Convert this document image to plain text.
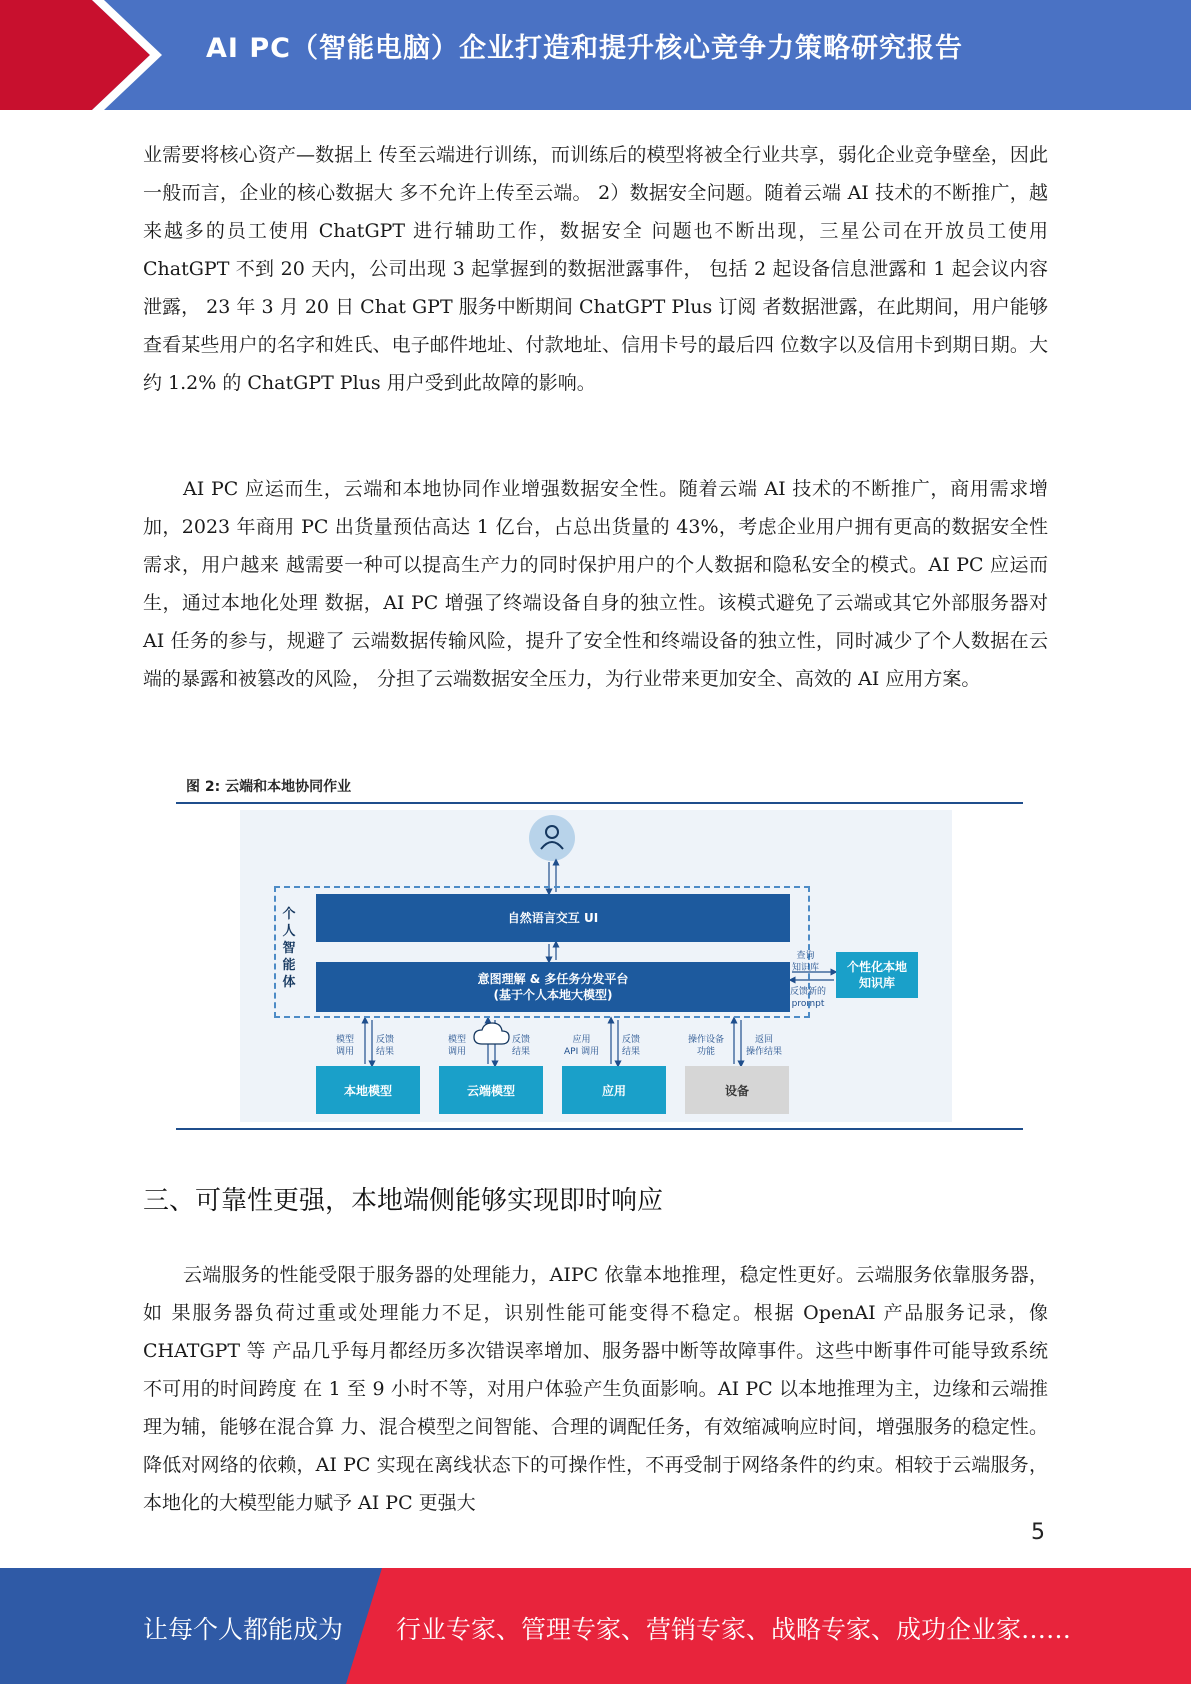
AI PC（智能电脑）企业打造和提升核心竞争力策略研究报告

业需要将核心资产—数据上 传至云端进行训练，而训练后的模型将被全行业共享，弱化企业竞争壁垒，因此一般而言，企业的核心数据大 多不允许上传至云端。 2）数据安全问题。随着云端 AI 技术的不断推广，越来越多的员工使用 ChatGPT 进行辅助工作，数据安全 问题也不断出现，三星公司在开放员工使用 ChatGPT 不到 20 天内，公司出现 3 起掌握到的数据泄露事件， 包括 2 起设备信息泄露和 1 起会议内容泄露， 23 年 3 月 20 日 Chat GPT 服务中断期间 ChatGPT Plus 订阅 者数据泄露，在此期间，用户能够查看某些用户的名字和姓氏、电子邮件地址、付款地址、信用卡号的最后四 位数字以及信用卡到期日期。大约 1.2% 的 ChatGPT Plus 用户受到此故障的影响。

AI PC 应运而生，云端和本地协同作业增强数据安全性。随着云端 AI 技术的不断推广，商用需求增加，2023 年商用 PC 出货量预估高达 1 亿台，占总出货量的 43%，考虑企业用户拥有更高的数据安全性需求，用户越来 越需要一种可以提高生产力的同时保护用户的个人数据和隐私安全的模式。AI PC 应运而生，通过本地化处理 数据，AI PC 增强了终端设备自身的独立性。该模式避免了云端或其它外部服务器对 AI 任务的参与，规避了 云端数据传输风险，提升了安全性和终端设备的独立性，同时减少了个人数据在云端的暴露和被篡改的风险， 分担了云端数据安全压力，为行业带来更加安全、高效的 AI 应用方案。

图 2: 云端和本地协同作业
个人智能体
自然语言交互 UI
意图理解 & 多任务分发平台
(基于个人本地大模型)
查询
知识库
反馈新的
prompt
个性化本地
知识库
模型
调用
反馈
结果
模型
调用
反馈
结果
应用
API 调用
反馈
结果
操作设备
功能
返回
操作结果
本地模型	云端模型	应用	设备
三、可靠性更强，本地端侧能够实现即时响应

云端服务的性能受限于服务器的处理能力，AIPC 依靠本地推理，稳定性更好。云端服务依靠服务器，如 果服务器负荷过重或处理能力不足，识别性能可能变得不稳定。根据 OpenAI 产品服务记录，像 CHATGPT 等 产品几乎每月都经历多次错误率增加、服务器中断等故障事件。这些中断事件可能导致系统不可用的时间跨度 在 1 至 9 小时不等，对用户体验产生负面影响。AI PC 以本地推理为主，边缘和云端推理为辅，能够在混合算 力、混合模型之间智能、合理的调配任务，有效缩减响应时间，增强服务的稳定性。 降低对网络的依赖，AI PC 实现在离线状态下的可操作性，不再受制于网络条件的约束。相较于云端服务， 本地化的大模型能力赋予 AI PC 更强大

5
让每个人都能成为 行业专家、管理专家、营销专家、战略专家、成功企业家……
